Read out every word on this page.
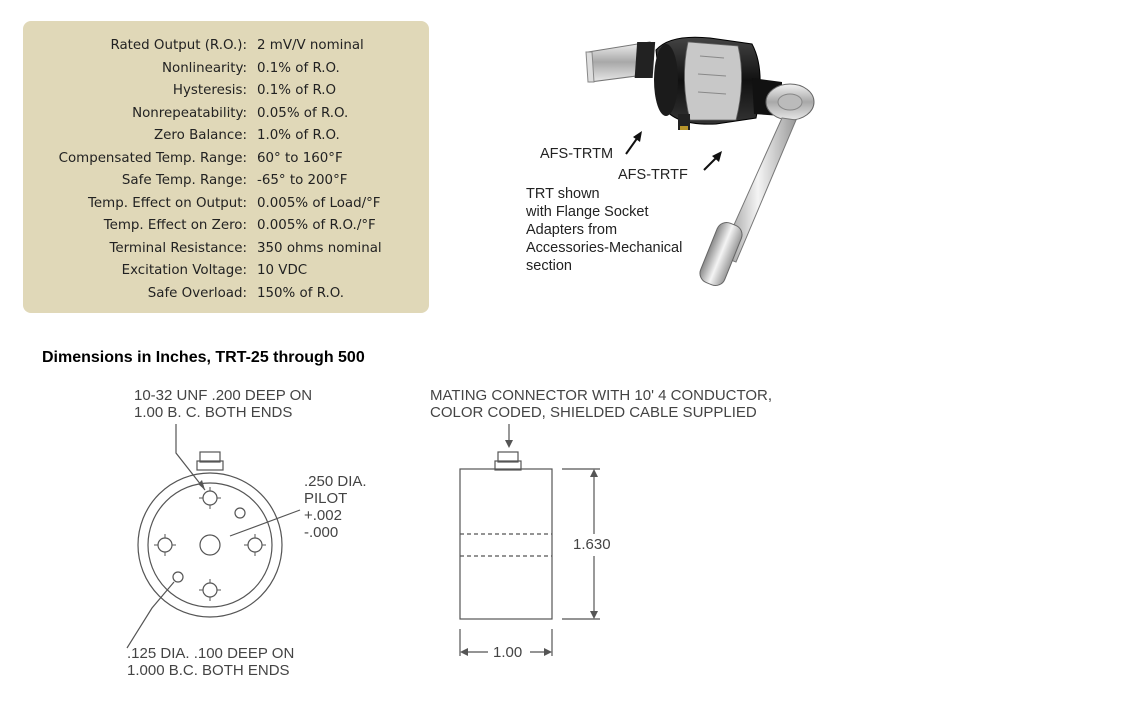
Rated Output (R.O.):	2 mV/V nominal
Nonlinearity:	0.1% of R.O.
Hysteresis:	0.1% of R.O
Nonrepeatability:	0.05% of R.O.
Zero Balance:	1.0% of R.O.
Compensated Temp. Range:	60° to 160°F
Safe Temp. Range:	-65° to 200°F
Temp. Effect on Output:	0.005% of Load/°F
Temp. Effect on Zero:	0.005% of R.O./°F
Terminal Resistance:	350 ohms nominal
Excitation Voltage:	10 VDC
Safe Overload:	150% of R.O.
AFS-TRTM
AFS-TRTF
TRT shown
with Flange Socket
Adapters from
Accessories-Mechanical
section
Dimensions in Inches, TRT-25 through 500
10-32 UNF .200 DEEP ON
1.00 B. C. BOTH ENDS
.250 DIA.
PILOT
+.002
-.000
.125 DIA. .100 DEEP ON
1.000 B.C. BOTH ENDS
MATING CONNECTOR WITH 10' 4 CONDUCTOR,
COLOR CODED, SHIELDED CABLE SUPPLIED
1.630
1.00
